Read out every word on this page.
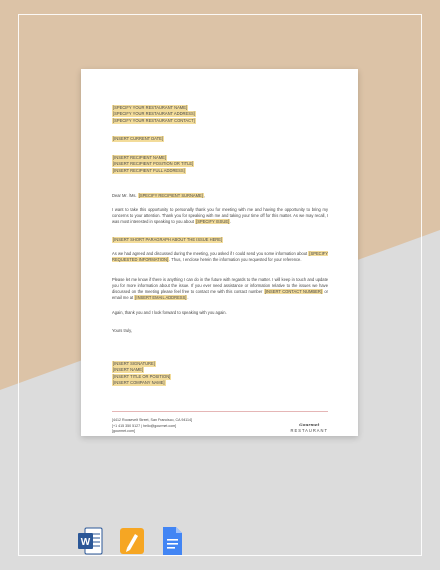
[SPECIFY YOUR RESTAURANT NAME]
[SPECIFY YOUR RESTAURANT ADDRESS]
[SPECIFY YOUR RESTAURANT CONTACT]
[INSERT CURRENT DATE]
[INSERT RECIPIENT NAME]
[INSERT RECIPIENT POSITION OR TITLE]
[INSERT RECIPIENT FULL ADDRESS]
Dear Mr. /Ms. [SPECIFY RECIPIENT SURNAME],

I want to take this opportunity to personally thank you for meeting with me and having the opportunity to bring my concerns to your attention. Thank you for speaking with me and taking your time off for this matter. As we may recall, I was most interested in speaking to you about [SPECIFY ISSUE].

[INSERT SHORT PARAGRAPH ABOUT THE ISSUE HERE]

As we had agreed and discussed during the meeting, you asked if I could send you some information about [SPECIFY REQUESTED INFORMATION]. Thus, I enclose herein the information you requested for your reference.

Please let me know if there is anything I can do in the future with regards to the matter. I will keep in touch and update you for more information about the issue. If you ever need assistance or information relative to the issues we have discussed on the meeting please feel free to contact me with this contact number [INSERT CONTACT NUMBER] or email me at [INSERT EMAIL ADDRESS].

Again, thank you and I look forward to speaking with you again.

Yours truly,
[INSERT SIGNATURE]
[INSERT NAME]
[INSERT TITLE OR POSITION]
[INSERT COMPANY NAME]
[4412 Roosevelt Street, San Francisco, CA 94114]
[+1 415 350 5127 | hello@gourmet.com]
[gourmet.com]
Gourmet
RESTAURANT
W
